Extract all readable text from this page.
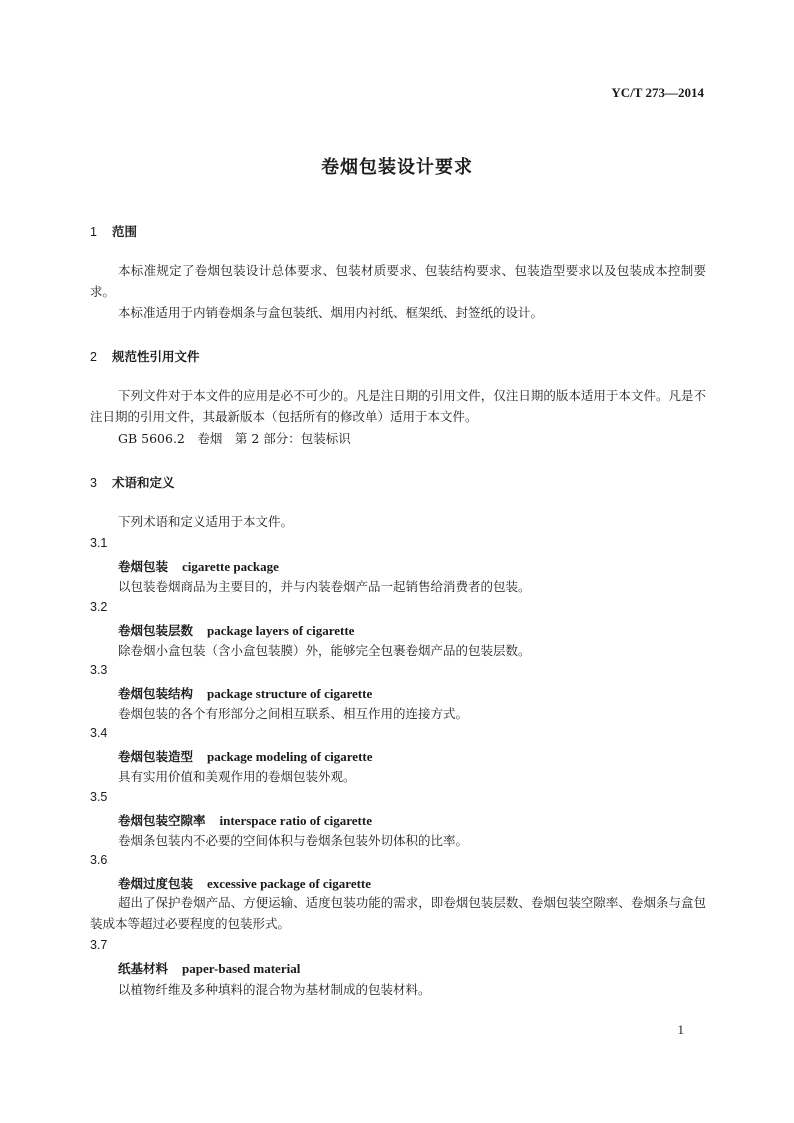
YC/T 273—2014
卷烟包装设计要求
1 范围
本标准规定了卷烟包装设计总体要求、包装材质要求、包装结构要求、包装造型要求以及包装成本控制要求。
本标准适用于内销卷烟条与盒包装纸、烟用内衬纸、框架纸、封签纸的设计。
2 规范性引用文件
下列文件对于本文件的应用是必不可少的。凡是注日期的引用文件，仅注日期的版本适用于本文件。凡是不注日期的引用文件，其最新版本（包括所有的修改单）适用于本文件。
GB 5606.2　卷烟　第 2 部分：包装标识
3 术语和定义
下列术语和定义适用于本文件。
3.1
卷烟包装 cigarette package
以包装卷烟商品为主要目的，并与内装卷烟产品一起销售给消费者的包装。
3.2
卷烟包装层数 package layers of cigarette
除卷烟小盒包装（含小盒包装膜）外，能够完全包裹卷烟产品的包装层数。
3.3
卷烟包装结构 package structure of cigarette
卷烟包装的各个有形部分之间相互联系、相互作用的连接方式。
3.4
卷烟包装造型 package modeling of cigarette
具有实用价值和美观作用的卷烟包装外观。
3.5
卷烟包装空隙率 interspace ratio of cigarette
卷烟条包装内不必要的空间体积与卷烟条包装外切体积的比率。
3.6
卷烟过度包装 excessive package of cigarette
超出了保护卷烟产品、方便运输、适度包装功能的需求，即卷烟包装层数、卷烟包装空隙率、卷烟条与盒包装成本等超过必要程度的包装形式。
3.7
纸基材料 paper-based material
以植物纤维及多种填料的混合物为基材制成的包装材料。
1
